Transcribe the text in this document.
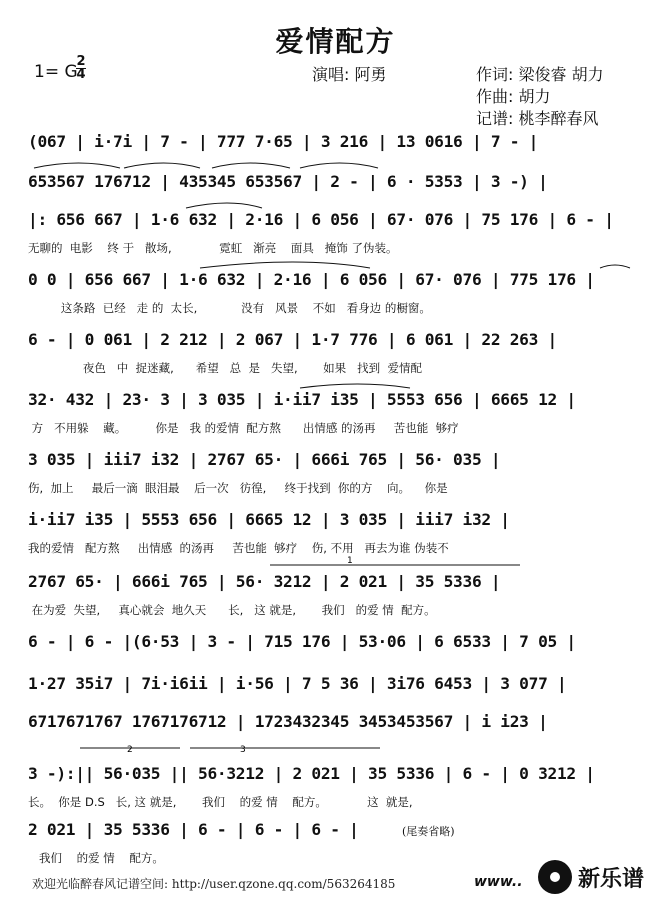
爱情配方
1= G
2
4	演唱: 阿勇	作词: 梁俊睿 胡力
作曲: 胡力
记谱: 桃李醉春风
(067 | i·7i | 7 - | 777 7·65 | 3 216 | 13 0616 | 7 - |
653567 176712 | 435345 653567 | 2 - | 6 · 5353 | 3 -) |
|: 656 667 | 1·6 632 | 2·16 | 6 056 | 67· 076 | 75 176 | 6 - |
无聊的  电影    终 于   散场,             霓虹   渐亮    面具   掩饰 了伪装。
0 0 | 656 667 | 1·6 632 | 2·16 | 6 056 | 67· 076 | 775 176 |
这条路  已经   走 的  太长,            没有   风景    不如   看身边 的橱窗。
6 - | 0 061 | 2 212 | 2 067 | 1·7 776 | 6 061 | 22 263 |
夜色   中  捉迷藏,      希望   总  是   失望,       如果   找到  爱情配
32· 432 | 23· 3 | 3 035 | i·ii7 i35 | 5553 656 | 6665 12 |
方   不用躲    藏。        你是   我 的爱情  配方熬      出情感 的汤再     苦也能  够疗
3 035 | iii7 i32 | 2767 65· | 666i 765 | 56· 035 |
伤,  加上     最后一滴  眼泪最    后一次   彷徨,     终于找到  你的方    向。    你是
i·ii7 i35 | 5553 656 | 6665 12 | 3 035 | iii7 i32 |
我的爱情   配方熬     出情感  的汤再     苦也能  够疗    伤, 不用   再去为谁 伪装不
2767 65· | 666i 765 | 56· 3212 | 2 021 | 35 5336 |
在为爱  失望,     真心就会  地久天      长,   这 就是,       我们   的爱 情  配方。
6 - | 6 - |(6·53 | 3 - | 715 176 | 53·06 | 6 6533 | 7 05 |
1·27 35i7 | 7i·i6ii | i·56 | 7 5 36 | 3i76 6453 | 3 077 |
6717671767 1767176712 | 1723432345 3453453567 | i i23 |
3 -):|| 56·035 || 56·3212 | 2 021 | 35 5336 | 6 - | 0 3212 |
长。  你是 D.S   长, 这 就是,       我们    的爱 情    配方。           这  就是,
2 021 | 35 5336 | 6 - | 6 - | 6 - |
我们    的爱 情    配方。
(尾奏省略)
1
2	3
欢迎光临醉春风记谱空间: http://user.qzone.qq.com/563264185	www..	新乐谱
